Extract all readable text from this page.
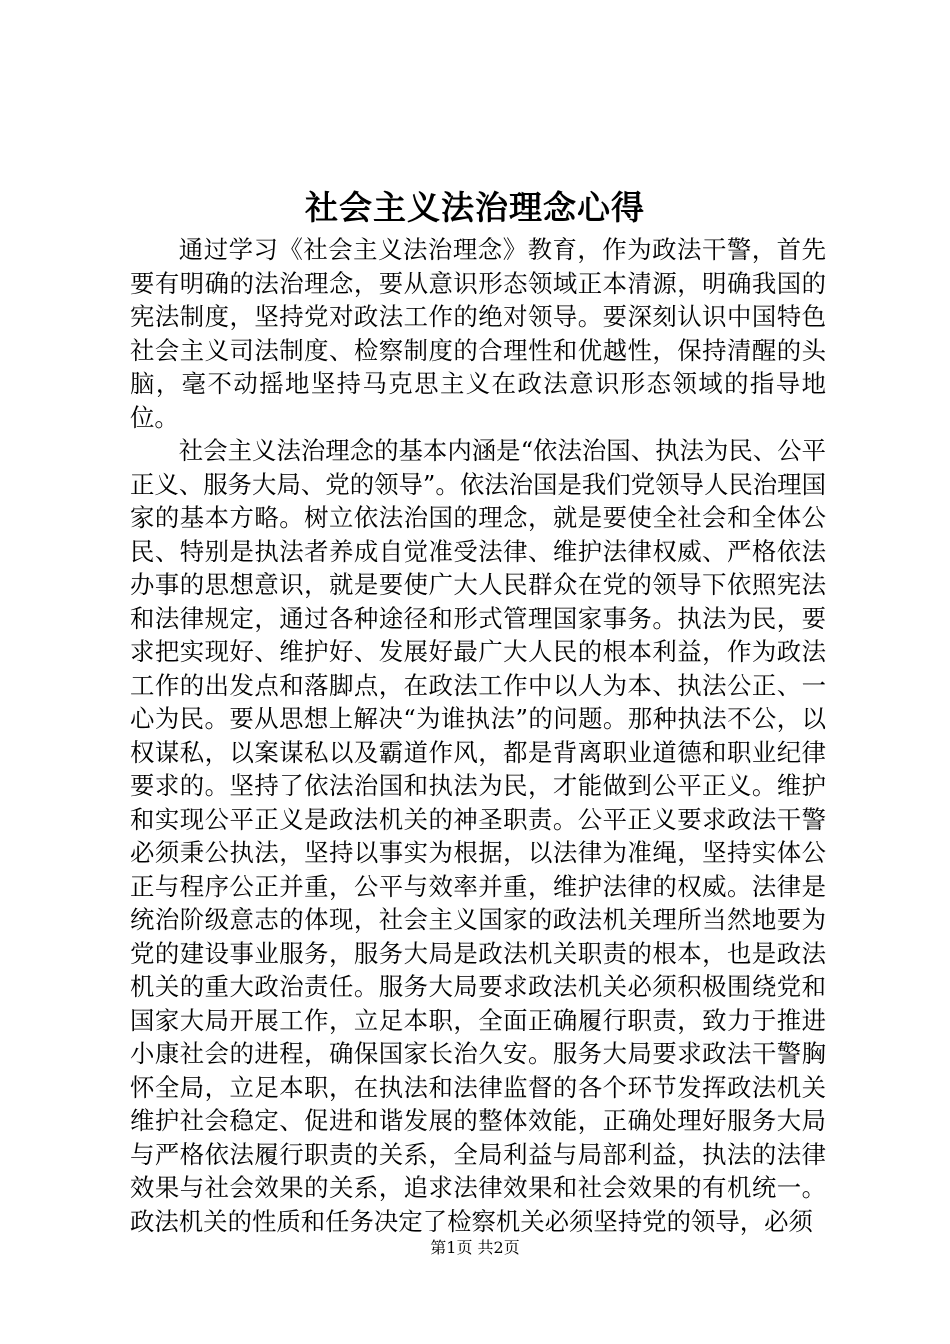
社会主义法治理念心得

通过学习《社会主义法治理念》教育，作为政法干警，首先要有明确的法治理念，要从意识形态领域正本清源，明确我国的宪法制度，坚持党对政法工作的绝对领导。要深刻认识中国特色社会主义司法制度、检察制度的合理性和优越性，保持清醒的头脑，毫不动摇地坚持马克思主义在政法意识形态领域的指导地位。

社会主义法治理念的基本内涵是“依法治国、执法为民、公平正义、服务大局、党的领导”。依法治国是我们党领导人民治理国家的基本方略。树立依法治国的理念，就是要使全社会和全体公民、特别是执法者养成自觉准受法律、维护法律权威、严格依法办事的思想意识，就是要使广大人民群众在党的领导下依照宪法和法律规定，通过各种途径和形式管理国家事务。执法为民，要求把实现好、维护好、发展好最广大人民的根本利益，作为政法工作的出发点和落脚点，在政法工作中以人为本、执法公正、一心为民。要从思想上解决“为谁执法”的问题。那种执法不公，以权谋私，以案谋私以及霸道作风，都是背离职业道德和职业纪律要求的。坚持了依法治国和执法为民，才能做到公平正义。维护和实现公平正义是政法机关的神圣职责。公平正义要求政法干警必须秉公执法，坚持以事实为根据，以法律为准绳，坚持实体公正与程序公正并重，公平与效率并重，维护法律的权威。法律是统治阶级意志的体现，社会主义国家的政法机关理所当然地要为党的建设事业服务，服务大局是政法机关职责的根本，也是政法机关的重大政治责任。服务大局要求政法机关必须积极围绕党和国家大局开展工作，立足本职，全面正确履行职责，致力于推进小康社会的进程，确保国家长治久安。服务大局要求政法干警胸怀全局，立足本职，在执法和法律监督的各个环节发挥政法机关维护社会稳定、促进和谐发展的整体效能，正确处理好服务大局与严格依法履行职责的关系，全局利益与局部利益，执法的法律效果与社会效果的关系，追求法律效果和社会效果的有机统一。政法机关的性质和任务决定了检察机关必须坚持党的领导，必须

第1页 共2页
